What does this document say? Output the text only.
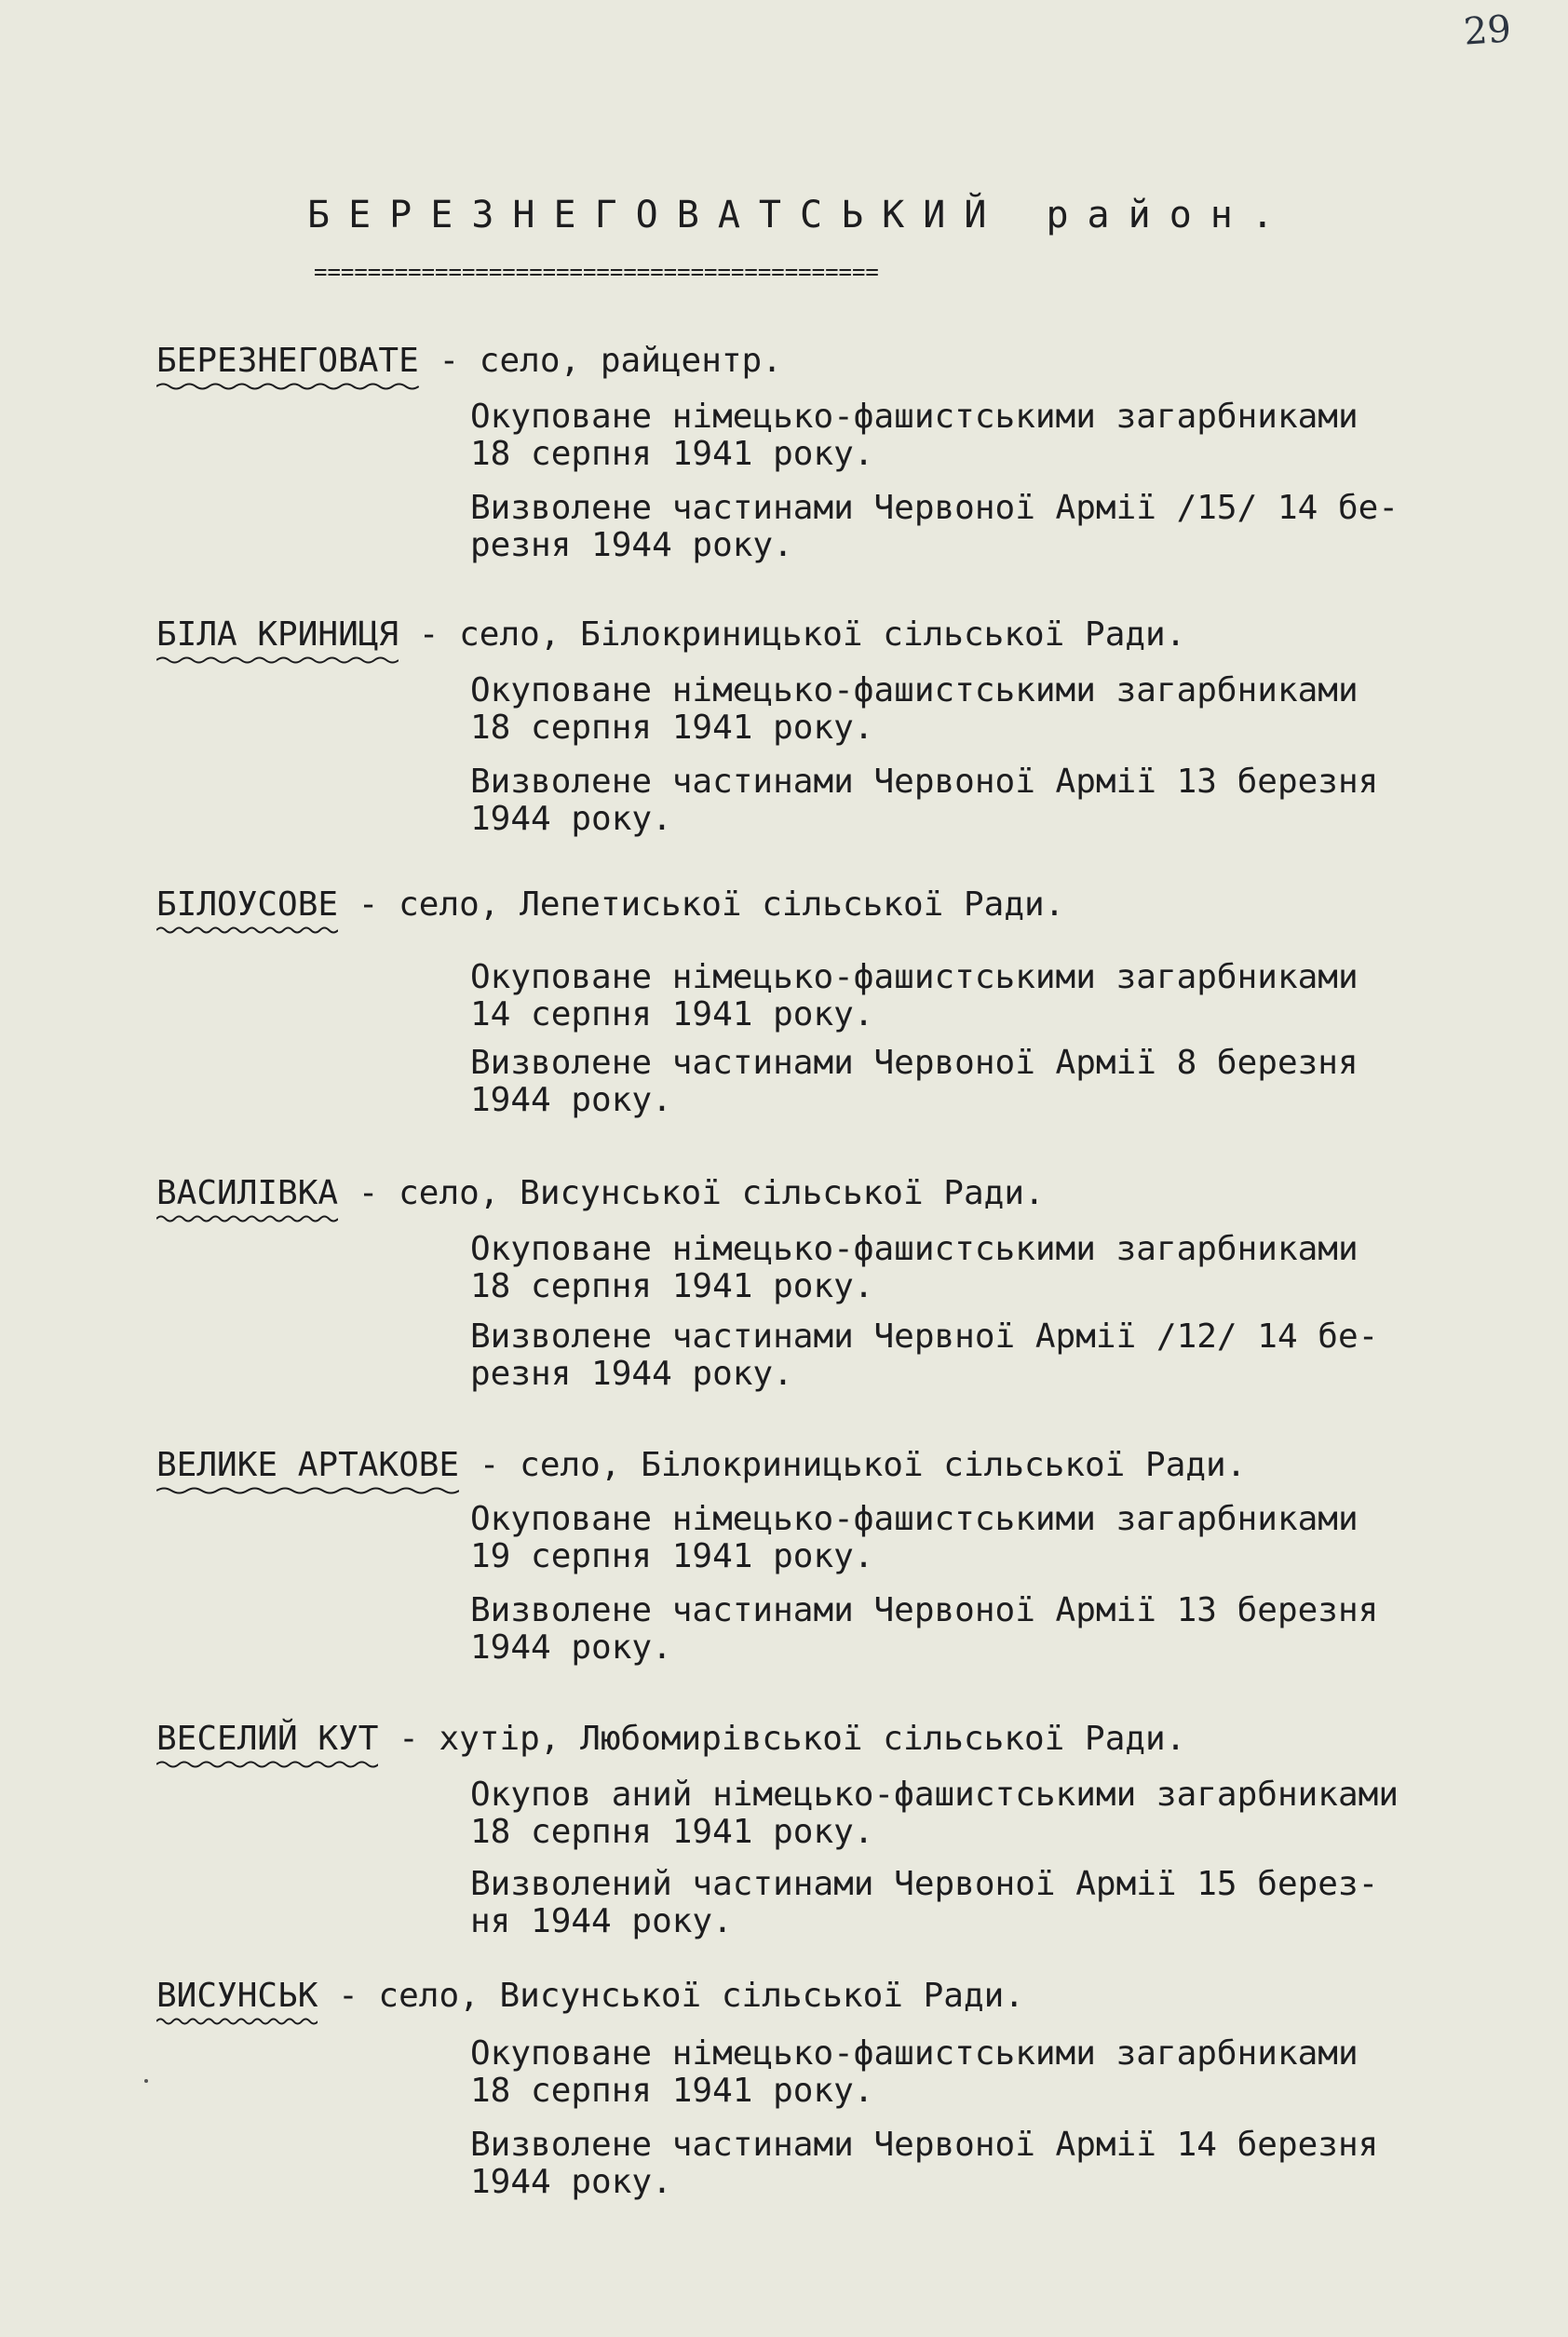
29
БЕРЕЗНЕГОВАТСЬКИЙ район.
==========================================
БЕРЕЗНЕГОВАТЕ - село, райцентр.
Окуповане німецько-фашистськими загарбниками
18 серпня 1941 року.
Визволене частинами Червоної Армії /15/ 14 бе-
резня 1944 року.
БІЛА КРИНИЦЯ - село, Білокриницької сільської Ради.
Окуповане німецько-фашистськими загарбниками
18 серпня 1941 року.
Визволене частинами Червоної Армії 13 березня
1944 року.
БІЛОУСОВЕ
- село, Лепетиської сільської Ради.
Окуповане німецько-фашистськими загарбниками
14 серпня 1941 року.
Визволене частинами Червоної Армії 8 березня
1944 року.
ВАСИЛІВКА
- село, Висунської сільської Ради.
Окуповане німецько-фашистськими загарбниками
18 серпня 1941 року.
Визволене частинами Червної Армії /12/ 14 бе-
резня 1944 року.
ВЕЛИКЕ АРТАКОВЕ - село, Білокриницької сільської Ради.
Окуповане німецько-фашистськими загарбниками
19 серпня 1941 року.
Визволене частинами Червоної Армії 13 березня
1944 року.
ВЕСЕЛИЙ КУТ - хутір, Любомирівської сільської Ради.
Окупов аний німецько-фашистськими загарбниками
18 серпня 1941 року.
Визволений частинами Червоної Армії 15 берез-
ня 1944 року.
ВИСУНСЬК
- село, Висунської сільської Ради.
Окуповане німецько-фашистськими загарбниками
18 серпня 1941 року.
Визволене частинами Червоної Армії 14 березня
1944 року.
